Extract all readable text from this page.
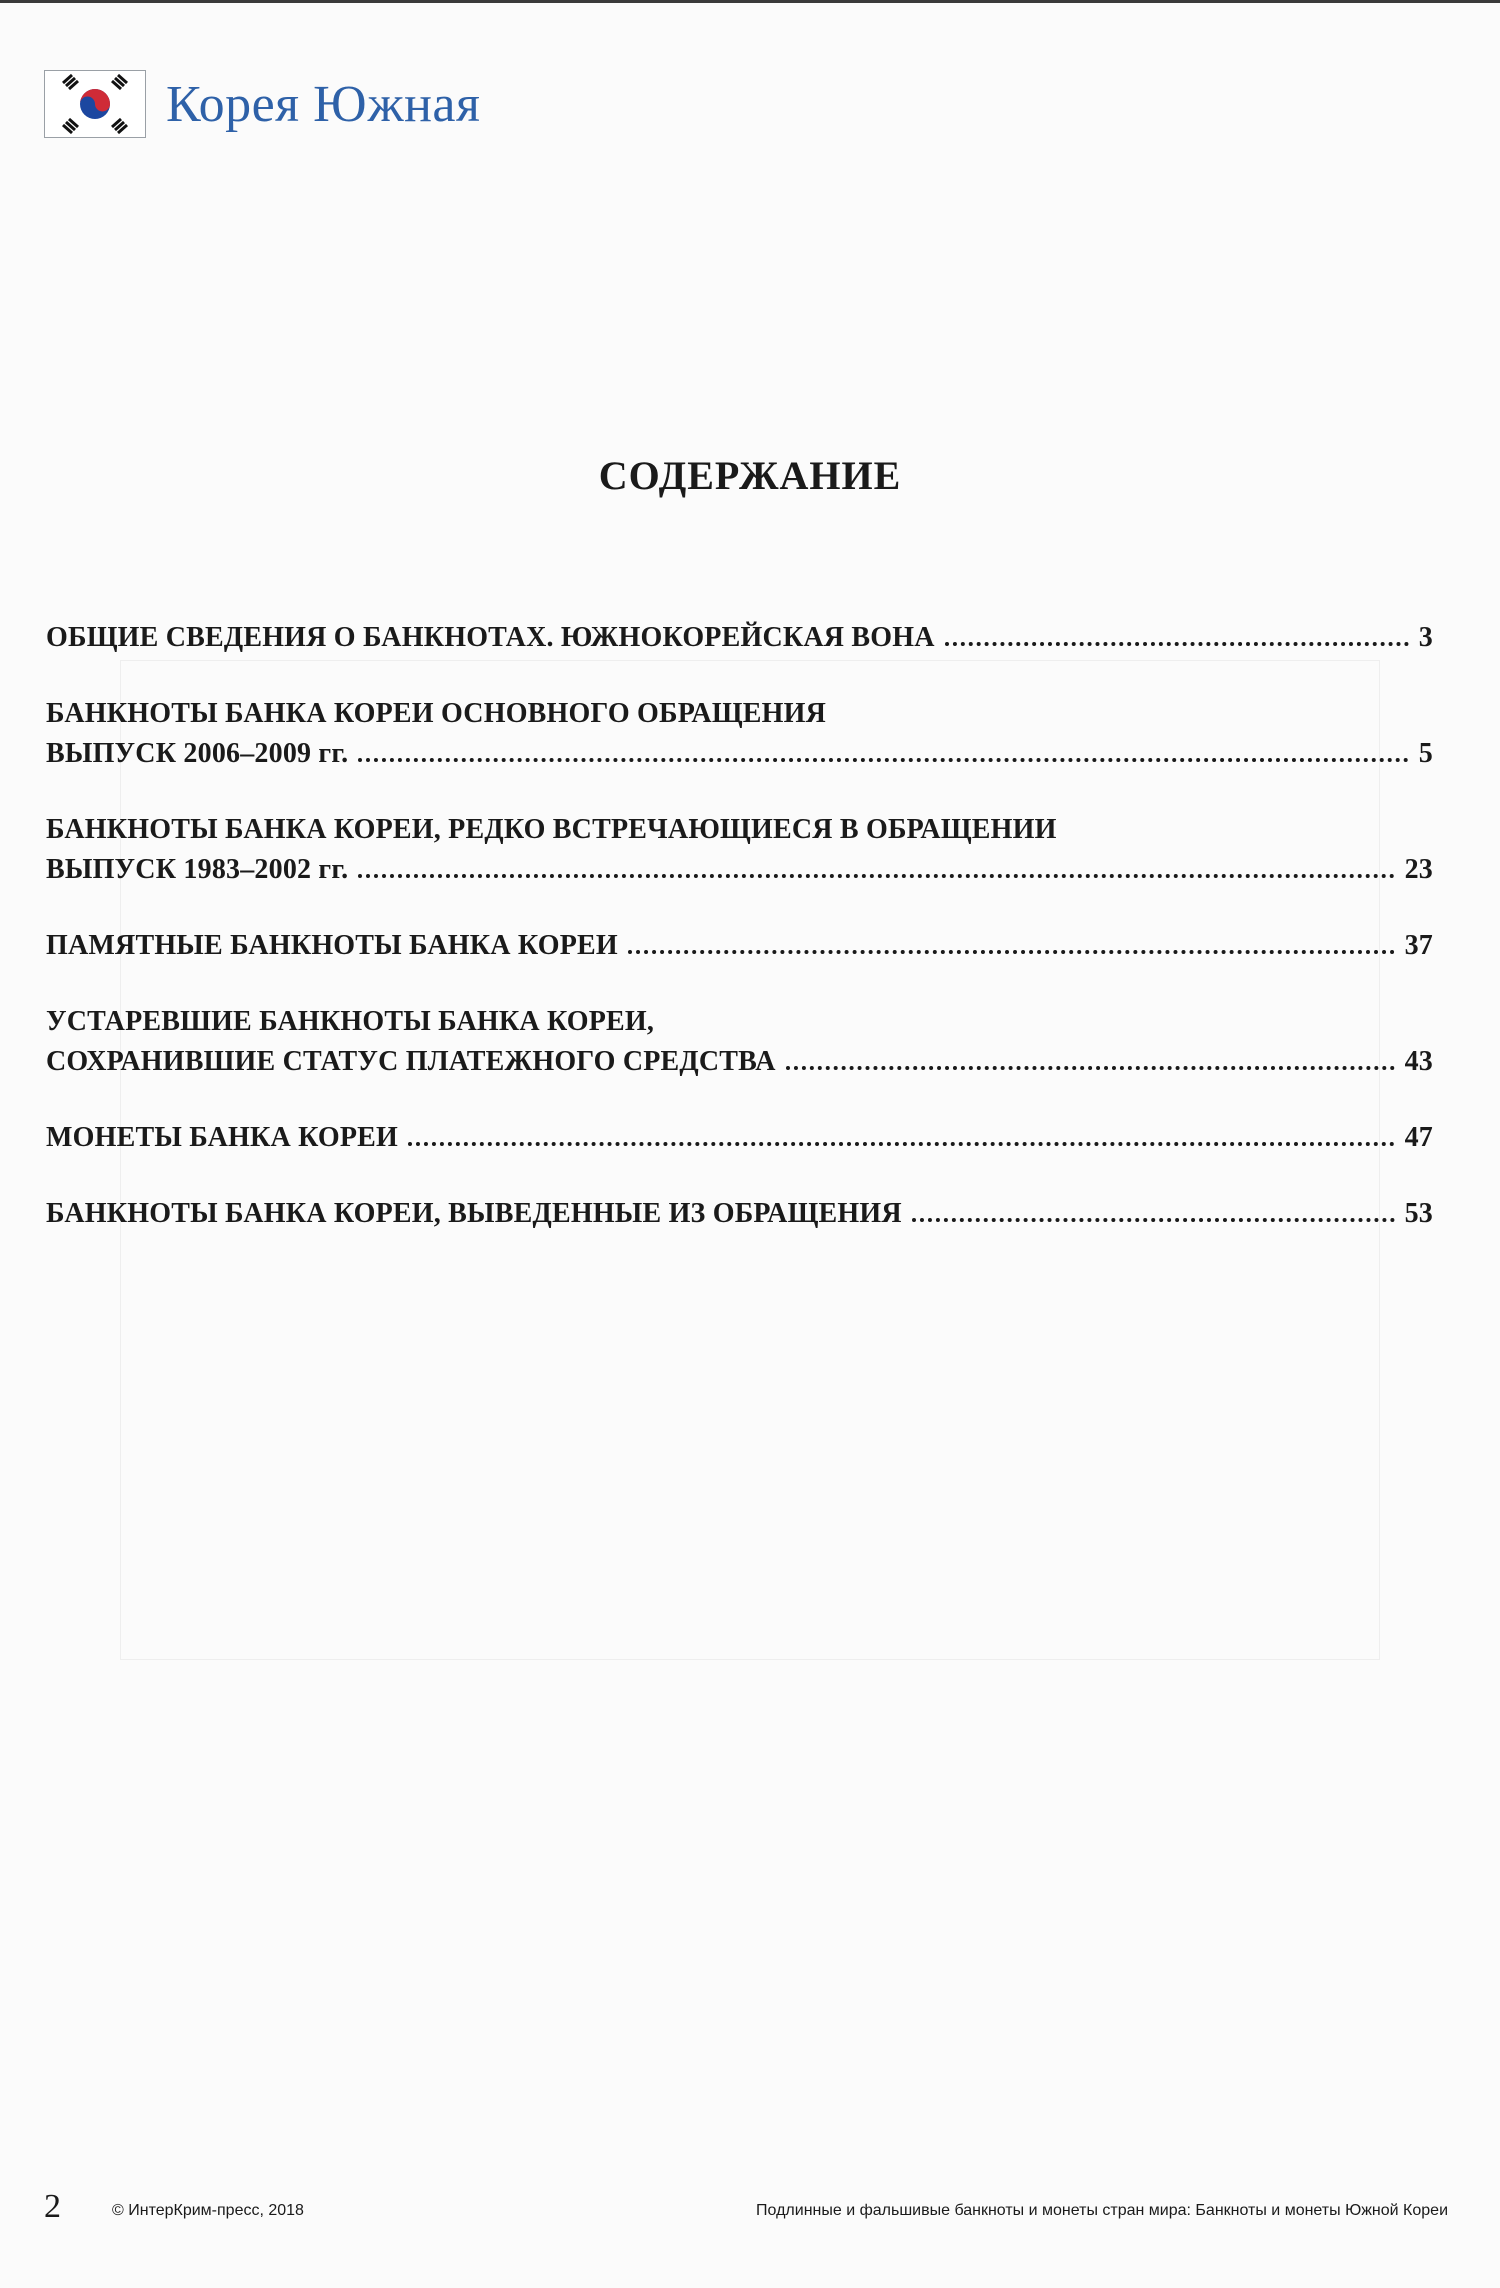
Корея Южная
СОДЕРЖАНИЕ
ОБЩИЕ СВЕДЕНИЯ О БАНКНОТАХ. ЮЖНОКОРЕЙСКАЯ ВОНА	3
БАНКНОТЫ БАНКА КОРЕИ ОСНОВНОГО ОБРАЩЕНИЯ
ВЫПУСК 2006–2009 гг.	5
БАНКНОТЫ БАНКА КОРЕИ, РЕДКО ВСТРЕЧАЮЩИЕСЯ В ОБРАЩЕНИИ
ВЫПУСК 1983–2002 гг.	23
ПАМЯТНЫЕ БАНКНОТЫ БАНКА КОРЕИ	37
УСТАРЕВШИЕ БАНКНОТЫ БАНКА КОРЕИ,
СОХРАНИВШИЕ СТАТУС ПЛАТЕЖНОГО СРЕДСТВА	43
МОНЕТЫ БАНКА КОРЕИ	47
БАНКНОТЫ БАНКА КОРЕИ, ВЫВЕДЕННЫЕ ИЗ ОБРАЩЕНИЯ	53
2	© ИнтерКрим-пресс, 2018	Подлинные и фальшивые банкноты и монеты стран мира: Банкноты и монеты Южной Кореи
